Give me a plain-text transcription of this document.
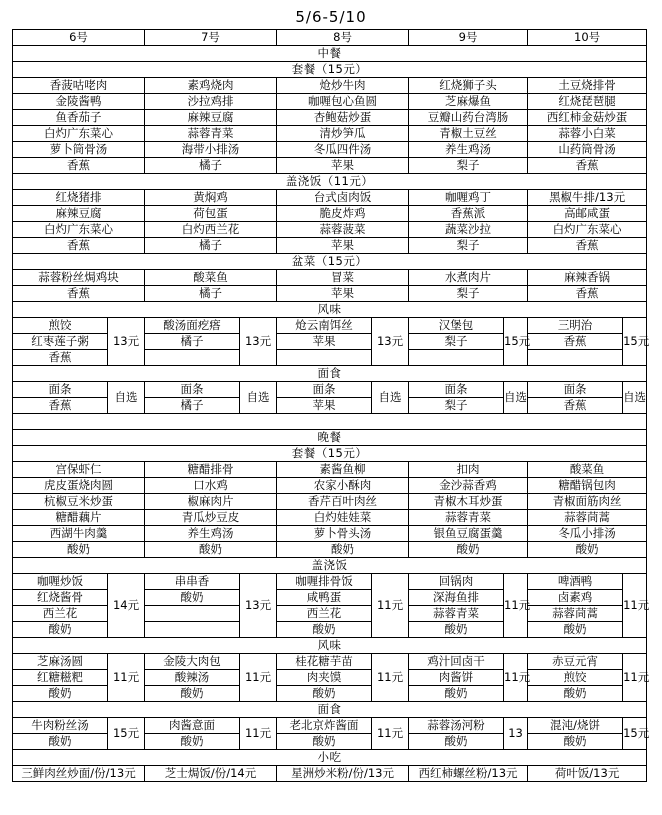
5/6-5/10
6号		7号		8号		9号		10号	
中餐									
套餐（15元）									
香菠咕咾肉		素鸡烧肉		炝炒牛肉		红烧狮子头		土豆烧排骨	
金陵酱鸭		沙拉鸡排		咖喱包心鱼圆		芝麻爆鱼		红烧琵琶腿	
鱼香茄子		麻辣豆腐		杏鲍菇炒蛋		豆瓣山药台湾肠		西红柿金菇炒蛋	
白灼广东菜心		蒜蓉青菜		清炒笋瓜		青椒土豆丝		蒜蓉小白菜	
萝卜筒骨汤		海带小排汤		冬瓜四件汤		养生鸡汤		山药筒骨汤	
香蕉		橘子		苹果		梨子		香蕉	
盖浇饭（11元）									
红烧猪排		黄焖鸡		台式卤肉饭		咖喱鸡丁		黑椒牛排/13元	
麻辣豆腐		荷包蛋		脆皮炸鸡		香蕉派		高邮咸蛋	
白灼广东菜心		白灼西兰花		蒜蓉菠菜		蔬菜沙拉		白灼广东菜心	
香蕉		橘子		苹果		梨子		香蕉	
盆菜（15元）									
蒜蓉粉丝焗鸡块		酸菜鱼		冒菜		水煮肉片		麻辣香锅	
香蕉		橘子		苹果		梨子		香蕉	
风味									
煎饺	13元	酸汤面疙瘩	13元	炝云南饵丝	13元	汉堡包	15元	三明治	15元
红枣莲子粥		橘子		苹果		梨子		香蕉	
香蕉									
面食									
面条	自选	面条	自选	面条	自选	面条	自选	面条	自选
香蕉		橘子		苹果		梨子		香蕉	

晚餐									
套餐（15元）									
宫保虾仁		糖醋排骨		素酱鱼柳		扣肉		酸菜鱼	
虎皮蛋烧肉圆		口水鸡		农家小酥肉		金沙蒜香鸡		糖醋锅包肉	
杭椒豆米炒蛋		椒麻肉片		香芹百叶肉丝		青椒木耳炒蛋		青椒面筋肉丝	
糖醋藕片		青瓜炒豆皮		白灼娃娃菜		蒜蓉青菜		蒜蓉茼蒿	
西湖牛肉羹		养生鸡汤		萝卜骨头汤		银鱼豆腐蛋羹		冬瓜小排汤	
酸奶		酸奶		酸奶		酸奶		酸奶	
盖浇饭									
咖喱炒饭	14元	串串香	13元	咖喱排骨饭	11元	回锅肉	11元	啤酒鸭	11元
红烧酱骨		酸奶		咸鸭蛋		深海鱼排		卤素鸡	
西兰花				西兰花		蒜蓉青菜		蒜蓉茼蒿	
酸奶				酸奶		酸奶		酸奶	
风味									
芝麻汤圆	11元	金陵大肉包	11元	桂花糖芋苗	11元	鸡汁回卤干	11元	赤豆元宵	11元
红糖糍粑		酸辣汤		肉夹馍		肉酱饼		煎饺	
酸奶		酸奶		酸奶		酸奶		酸奶	
面食									
牛肉粉丝汤	15元	肉酱意面	11元	老北京炸酱面	11元	蒜蓉汤河粉	13	混沌/烧饼	15元
酸奶		酸奶		酸奶		酸奶		酸奶	
小吃									
三鲜肉丝炒面/份/13元		芝士焗饭/份/14元		星洲炒米粉/份/13元		西红柿螺丝粉/13元		荷叶饭/13元	
